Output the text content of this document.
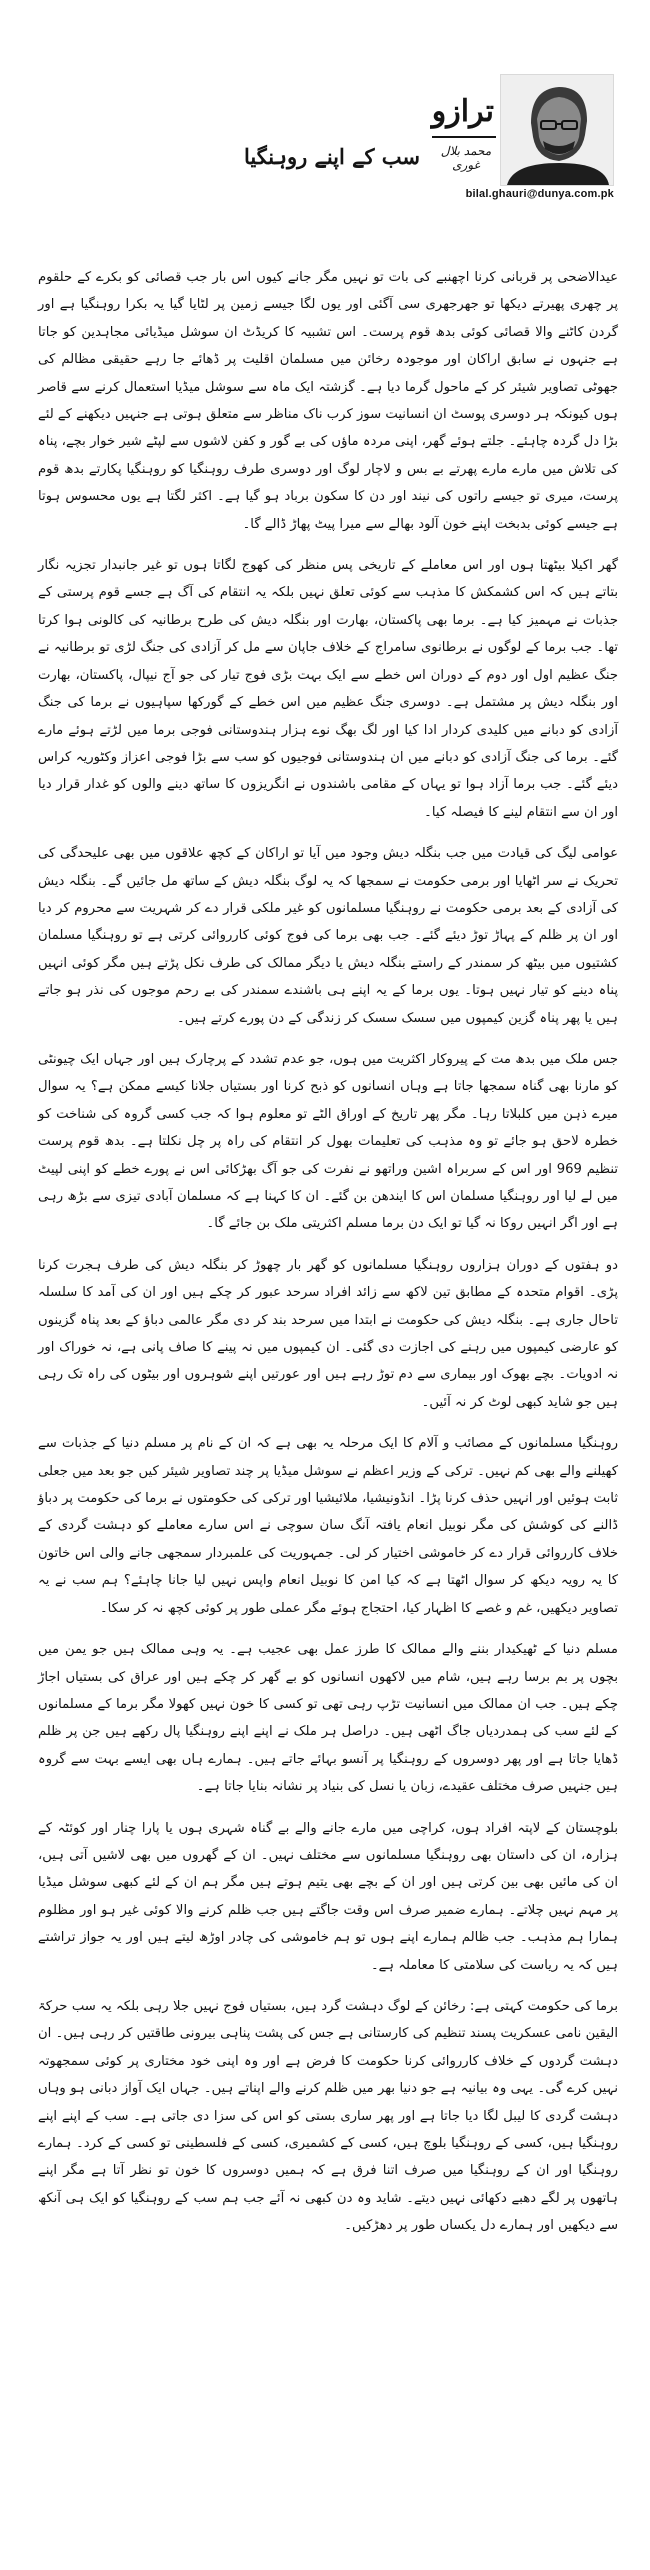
ترازو
محمد بلال غوری
bilal.ghauri@dunya.com.pk
سب کے اپنے روہنگیا

عیدالاضحی پر قربانی کرنا اچھنبے کی بات تو نہیں مگر جانے کیوں اس بار جب قصائی کو بکرے کے حلقوم پر چھری پھیرتے دیکھا تو جھرجھری سی آگئی اور یوں لگا جیسے زمین پر لٹایا گیا یہ بکرا روہنگیا ہے اور گردن کاٹنے والا قصائی کوئی بدھ قوم پرست۔ اس تشبیہ کا کریڈٹ ان سوشل میڈیائی مجاہدین کو جاتا ہے جنہوں نے سابق اراکان اور موجودہ رخائن میں مسلمان اقلیت پر ڈھائے جا رہے حقیقی مظالم کی جھوٹی تصاویر شیئر کر کے ماحول گرما دیا ہے۔ گزشتہ ایک ماہ سے سوشل میڈیا استعمال کرنے سے قاصر ہوں کیونکہ ہر دوسری پوسٹ ان انسانیت سوز کرب ناک مناظر سے متعلق ہوتی ہے جنہیں دیکھنے کے لئے بڑا دل گردہ چاہئے۔ جلتے ہوئے گھر، اپنی مردہ ماؤں کی بے گور و کفن لاشوں سے لپٹے شیر خوار بچے، پناہ کی تلاش میں مارے مارے پھرتے بے بس و لاچار لوگ اور دوسری طرف روہنگیا کو روہنگیا پکارتے بدھ قوم پرست، میری تو جیسے راتوں کی نیند اور دن کا سکون برباد ہو گیا ہے۔ اکثر لگتا ہے یوں محسوس ہوتا ہے جیسے کوئی بدبخت اپنے خون آلود بھالے سے میرا پیٹ پھاڑ ڈالے گا۔

گھر اکیلا بیٹھتا ہوں اور اس معاملے کے تاریخی پس منظر کی کھوج لگاتا ہوں تو غیر جانبدار تجزیہ نگار بتاتے ہیں کہ اس کشمکش کا مذہب سے کوئی تعلق نہیں بلکہ یہ انتقام کی آگ ہے جسے قوم پرستی کے جذبات نے مہمیز کیا ہے۔ برما بھی پاکستان، بھارت اور بنگلہ دیش کی طرح برطانیہ کی کالونی ہوا کرتا تھا۔ جب برما کے لوگوں نے برطانوی سامراج کے خلاف جاپان سے مل کر آزادی کی جنگ لڑی تو برطانیہ نے جنگ عظیم اول اور دوم کے دوران اس خطے سے ایک بہت بڑی فوج تیار کی جو آج نیپال، پاکستان، بھارت اور بنگلہ دیش پر مشتمل ہے۔ دوسری جنگ عظیم میں اس خطے کے گورکھا سپاہیوں نے برما کی جنگ آزادی کو دبانے میں کلیدی کردار ادا کیا اور لگ بھگ نوے ہزار ہندوستانی فوجی برما میں لڑتے ہوئے مارے گئے۔ برما کی جنگ آزادی کو دبانے میں ان ہندوستانی فوجیوں کو سب سے بڑا فوجی اعزاز وکٹوریہ کراس دیئے گئے۔ جب برما آزاد ہوا تو یہاں کے مقامی باشندوں نے انگریزوں کا ساتھ دینے والوں کو غدار قرار دیا اور ان سے انتقام لینے کا فیصلہ کیا۔

عوامی لیگ کی قیادت میں جب بنگلہ دیش وجود میں آیا تو اراکان کے کچھ علاقوں میں بھی علیحدگی کی تحریک نے سر اٹھایا اور برمی حکومت نے سمجھا کہ یہ لوگ بنگلہ دیش کے ساتھ مل جائیں گے۔ بنگلہ دیش کی آزادی کے بعد برمی حکومت نے روہنگیا مسلمانوں کو غیر ملکی قرار دے کر شہریت سے محروم کر دیا اور ان پر ظلم کے پہاڑ توڑ دیئے گئے۔ جب بھی برما کی فوج کوئی کارروائی کرتی ہے تو روہنگیا مسلمان کشتیوں میں بیٹھ کر سمندر کے راستے بنگلہ دیش یا دیگر ممالک کی طرف نکل پڑتے ہیں مگر کوئی انہیں پناہ دینے کو تیار نہیں ہوتا۔ یوں برما کے یہ اپنے ہی باشندے سمندر کی بے رحم موجوں کی نذر ہو جاتے ہیں یا پھر پناہ گزین کیمپوں میں سسک سسک کر زندگی کے دن پورے کرتے ہیں۔

جس ملک میں بدھ مت کے پیروکار اکثریت میں ہوں، جو عدم تشدد کے پرچارک ہیں اور جہاں ایک چیونٹی کو مارنا بھی گناہ سمجھا جاتا ہے وہاں انسانوں کو ذبح کرنا اور بستیاں جلانا کیسے ممکن ہے؟ یہ سوال میرے ذہن میں کلبلاتا رہا۔ مگر پھر تاریخ کے اوراق الٹے تو معلوم ہوا کہ جب کسی گروہ کی شناخت کو خطرہ لاحق ہو جائے تو وہ مذہب کی تعلیمات بھول کر انتقام کی راہ پر چل نکلتا ہے۔ بدھ قوم پرست تنظیم 969 اور اس کے سربراہ اشین وراتھو نے نفرت کی جو آگ بھڑکائی اس نے پورے خطے کو اپنی لپیٹ میں لے لیا اور روہنگیا مسلمان اس کا ایندھن بن گئے۔ ان کا کہنا ہے کہ مسلمان آبادی تیزی سے بڑھ رہی ہے اور اگر انہیں روکا نہ گیا تو ایک دن برما مسلم اکثریتی ملک بن جائے گا۔

دو ہفتوں کے دوران ہزاروں روہنگیا مسلمانوں کو گھر بار چھوڑ کر بنگلہ دیش کی طرف ہجرت کرنا پڑی۔ اقوام متحدہ کے مطابق تین لاکھ سے زائد افراد سرحد عبور کر چکے ہیں اور ان کی آمد کا سلسلہ تاحال جاری ہے۔ بنگلہ دیش کی حکومت نے ابتدا میں سرحد بند کر دی مگر عالمی دباؤ کے بعد پناہ گزینوں کو عارضی کیمپوں میں رہنے کی اجازت دی گئی۔ ان کیمپوں میں نہ پینے کا صاف پانی ہے، نہ خوراک اور نہ ادویات۔ بچے بھوک اور بیماری سے دم توڑ رہے ہیں اور عورتیں اپنے شوہروں اور بیٹوں کی راہ تک رہی ہیں جو شاید کبھی لوٹ کر نہ آئیں۔

روہنگیا مسلمانوں کے مصائب و آلام کا ایک مرحلہ یہ بھی ہے کہ ان کے نام پر مسلم دنیا کے جذبات سے کھیلنے والے بھی کم نہیں۔ ترکی کے وزیر اعظم نے سوشل میڈیا پر چند تصاویر شیئر کیں جو بعد میں جعلی ثابت ہوئیں اور انہیں حذف کرنا پڑا۔ انڈونیشیا، ملائیشیا اور ترکی کی حکومتوں نے برما کی حکومت پر دباؤ ڈالنے کی کوشش کی مگر نوبیل انعام یافتہ آنگ سان سوچی نے اس سارے معاملے کو دہشت گردی کے خلاف کارروائی قرار دے کر خاموشی اختیار کر لی۔ جمہوریت کی علمبردار سمجھی جانے والی اس خاتون کا یہ رویہ دیکھ کر سوال اٹھتا ہے کہ کیا امن کا نوبیل انعام واپس نہیں لیا جانا چاہئے؟ ہم سب نے یہ تصاویر دیکھیں، غم و غصے کا اظہار کیا، احتجاج ہوئے مگر عملی طور پر کوئی کچھ نہ کر سکا۔

مسلم دنیا کے ٹھیکیدار بننے والے ممالک کا طرز عمل بھی عجیب ہے۔ یہ وہی ممالک ہیں جو یمن میں بچوں پر بم برسا رہے ہیں، شام میں لاکھوں انسانوں کو بے گھر کر چکے ہیں اور عراق کی بستیاں اجاڑ چکے ہیں۔ جب ان ممالک میں انسانیت تڑپ رہی تھی تو کسی کا خون نہیں کھولا مگر برما کے مسلمانوں کے لئے سب کی ہمدردیاں جاگ اٹھی ہیں۔ دراصل ہر ملک نے اپنے اپنے روہنگیا پال رکھے ہیں جن پر ظلم ڈھایا جاتا ہے اور پھر دوسروں کے روہنگیا پر آنسو بہائے جاتے ہیں۔ ہمارے ہاں بھی ایسے بہت سے گروہ ہیں جنہیں صرف مختلف عقیدے، زبان یا نسل کی بنیاد پر نشانہ بنایا جاتا ہے۔

بلوچستان کے لاپتہ افراد ہوں، کراچی میں مارے جانے والے بے گناہ شہری ہوں یا پارا چنار اور کوئٹہ کے ہزارہ، ان کی داستان بھی روہنگیا مسلمانوں سے مختلف نہیں۔ ان کے گھروں میں بھی لاشیں آتی ہیں، ان کی مائیں بھی بین کرتی ہیں اور ان کے بچے بھی یتیم ہوتے ہیں مگر ہم ان کے لئے کبھی سوشل میڈیا پر مہم نہیں چلاتے۔ ہمارے ضمیر صرف اس وقت جاگتے ہیں جب ظلم کرنے والا کوئی غیر ہو اور مظلوم ہمارا ہم مذہب۔ جب ظالم ہمارے اپنے ہوں تو ہم خاموشی کی چادر اوڑھ لیتے ہیں اور یہ جواز تراشتے ہیں کہ یہ ریاست کی سلامتی کا معاملہ ہے۔

برما کی حکومت کہتی ہے: رخائن کے لوگ دہشت گرد ہیں، بستیاں فوج نہیں جلا رہی بلکہ یہ سب حرکۃ الیقین نامی عسکریت پسند تنظیم کی کارستانی ہے جس کی پشت پناہی بیرونی طاقتیں کر رہی ہیں۔ ان دہشت گردوں کے خلاف کارروائی کرنا حکومت کا فرض ہے اور وہ اپنی خود مختاری پر کوئی سمجھوتہ نہیں کرے گی۔ یہی وہ بیانیہ ہے جو دنیا بھر میں ظلم کرنے والے اپناتے ہیں۔ جہاں ایک آواز دبانی ہو وہاں دہشت گردی کا لیبل لگا دیا جاتا ہے اور پھر ساری بستی کو اس کی سزا دی جاتی ہے۔ سب کے اپنے اپنے روہنگیا ہیں، کسی کے روہنگیا بلوچ ہیں، کسی کے کشمیری، کسی کے فلسطینی تو کسی کے کرد۔ ہمارے روہنگیا اور ان کے روہنگیا میں صرف اتنا فرق ہے کہ ہمیں دوسروں کا خون تو نظر آتا ہے مگر اپنے ہاتھوں پر لگے دھبے دکھائی نہیں دیتے۔ شاید وہ دن کبھی نہ آئے جب ہم سب کے روہنگیا کو ایک ہی آنکھ سے دیکھیں اور ہمارے دل یکساں طور پر دھڑکیں۔
